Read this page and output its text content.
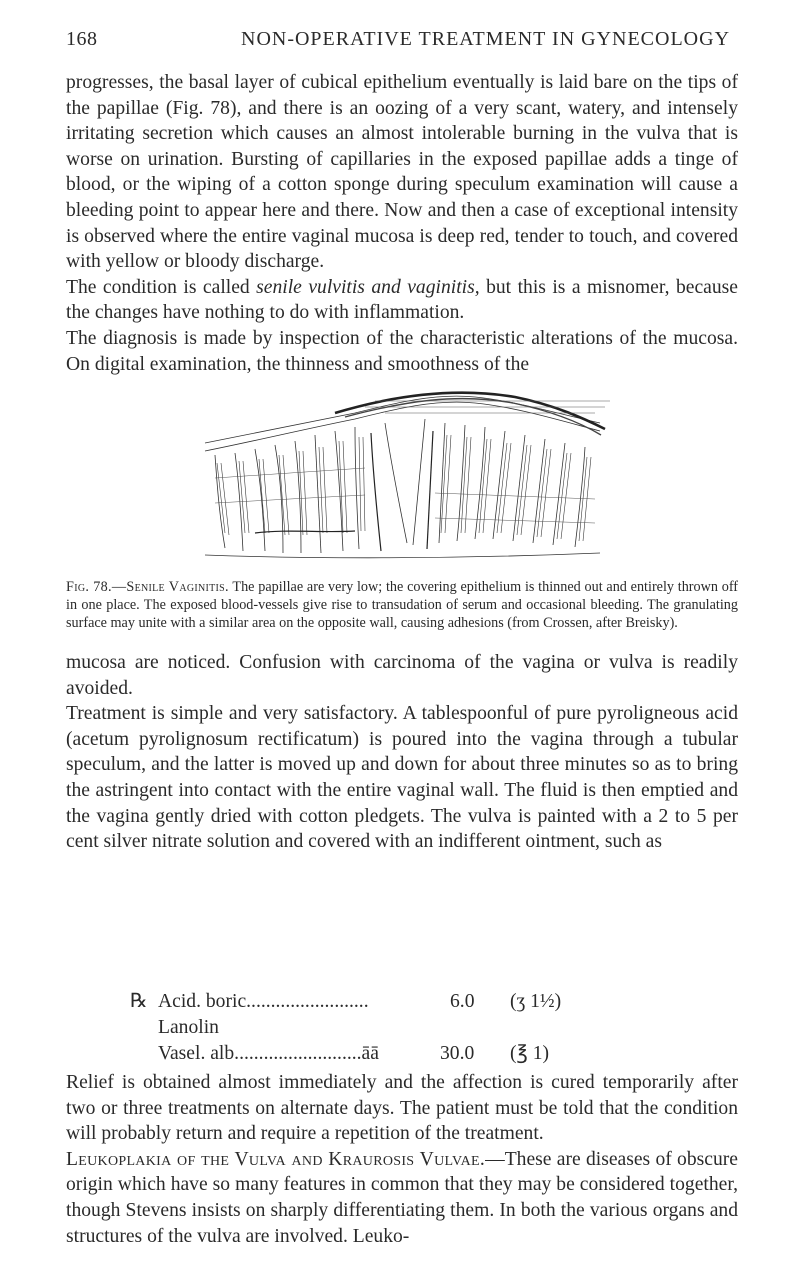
168	NON-OPERATIVE TREATMENT IN GYNECOLOGY

progresses, the basal layer of cubical epithelium eventually is laid bare on the tips of the papillae (Fig. 78), and there is an oozing of a very scant, watery, and intensely irritating secretion which causes an almost intolerable burning in the vulva that is worse on urination. Bursting of capillaries in the exposed papillae adds a tinge of blood, or the wiping of a cotton sponge during speculum examination will cause a bleeding point to appear here and there. Now and then a case of exceptional intensity is observed where the entire vaginal mucosa is deep red, tender to touch, and covered with yellow or bloody discharge.

The condition is called senile vulvitis and vaginitis, but this is a misnomer, because the changes have nothing to do with inflammation.

The diagnosis is made by inspection of the characteristic alterations of the mucosa. On digital examination, the thinness and smoothness of the

Fig. 78.—Senile Vaginitis. The papillae are very low; the covering epithelium is thinned out and entirely thrown off in one place. The exposed blood-vessels give rise to transudation of serum and occasional bleeding. The granulating surface may unite with a similar area on the opposite wall, causing adhesions (from Crossen, after Breisky).

mucosa are noticed. Confusion with carcinoma of the vagina or vulva is readily avoided.

Treatment is simple and very satisfactory. A tablespoonful of pure pyroligneous acid (acetum pyrolignosum rectificatum) is poured into the vagina through a tubular speculum, and the latter is moved up and down for about three minutes so as to bring the astringent into contact with the entire vaginal wall. The fluid is then emptied and the vagina gently dried with cotton pledgets. The vulva is painted with a 2 to 5 per cent silver nitrate solution and covered with an indifferent ointment, such as

℞ Acid. boric.........................	6.0 (ʒ 1½)
Lanolin
Vasel. alb..........................āā	30.0 (℥ 1)

Relief is obtained almost immediately and the affection is cured temporarily after two or three treatments on alternate days. The patient must be told that the condition will probably return and require a repetition of the treatment.

Leukoplakia of the Vulva and Kraurosis Vulvae.—These are diseases of obscure origin which have so many features in common that they may be considered together, though Stevens insists on sharply differentiating them. In both the various organs and structures of the vulva are involved. Leuko-
